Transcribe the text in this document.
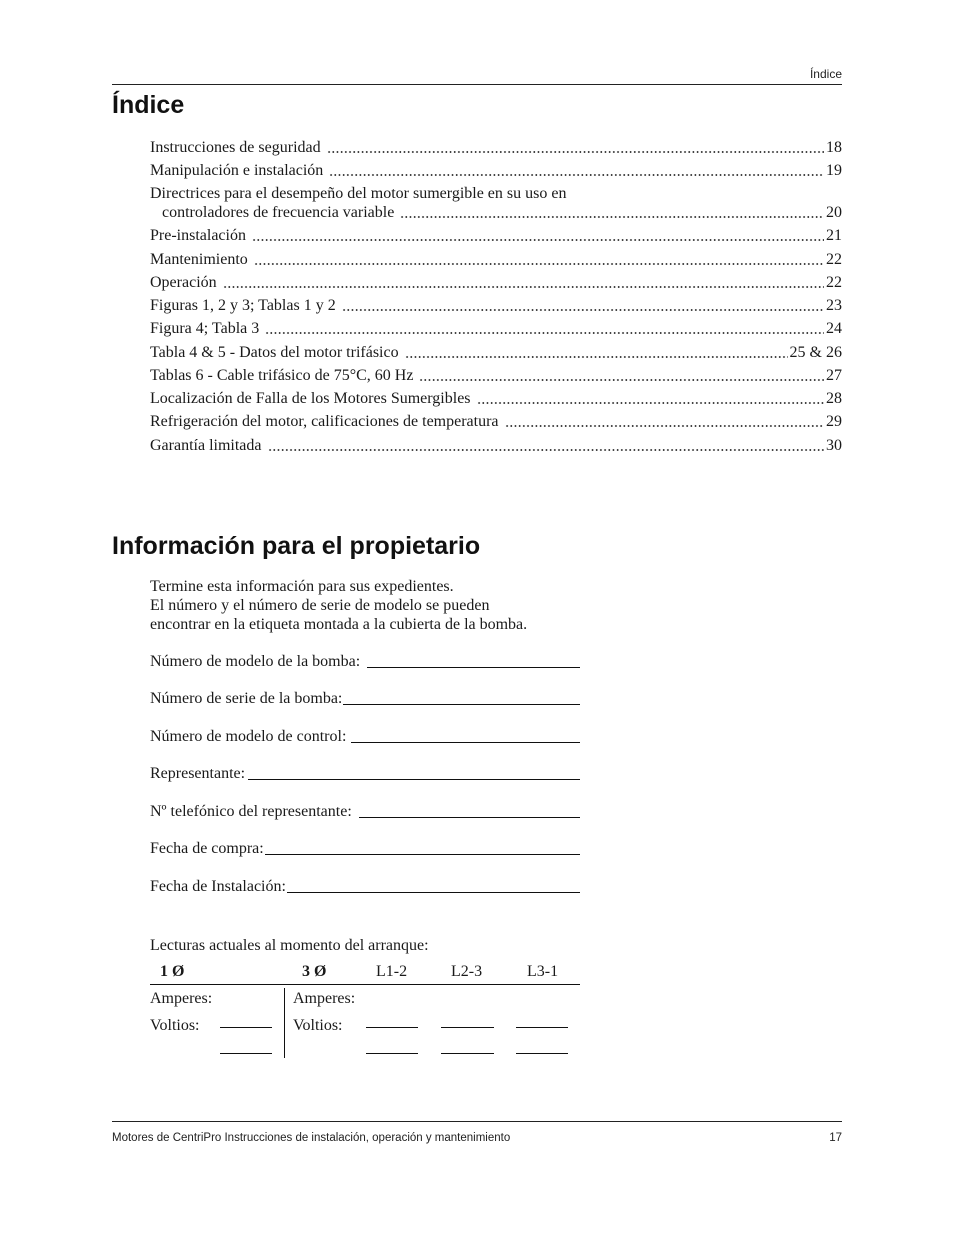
Índice
Índice
Instrucciones de seguridad	18
Manipulación e instalación	19
Directrices para el desempeño del motor sumergible en su uso en
controladores de frecuencia variable	20
Pre-instalación	21
Mantenimiento	22
Operación	22
Figuras 1, 2 y 3; Tablas 1 y 2	23
Figura 4; Tabla 3	24
Tabla 4 & 5 - Datos del motor trifásico	25 & 26
Tablas 6 - Cable trifásico de 75°C, 60 Hz	27
Localización de Falla de los Motores Sumergibles	28
Refrigeración del motor, calificaciones de temperatura	29
Garantía limitada	30
Información para el propietario
Termine esta información para sus expedientes.
El número y el número de serie de modelo se pueden
encontrar en la etiqueta montada a la cubierta de la bomba.
Número de modelo de la bomba:
Número de serie de la bomba:
Número de modelo de control:
Representante:
Nº telefónico del representante:
Fecha de compra:
Fecha de Instalación:
Lecturas actuales al momento del arranque:
1 Ø	3 Ø	L1-2	L2-3	L3-1
Amperes:	Amperes:
Voltios:	Voltios:
Motores de CentriPro Instrucciones de instalación, operación y mantenimiento	17
